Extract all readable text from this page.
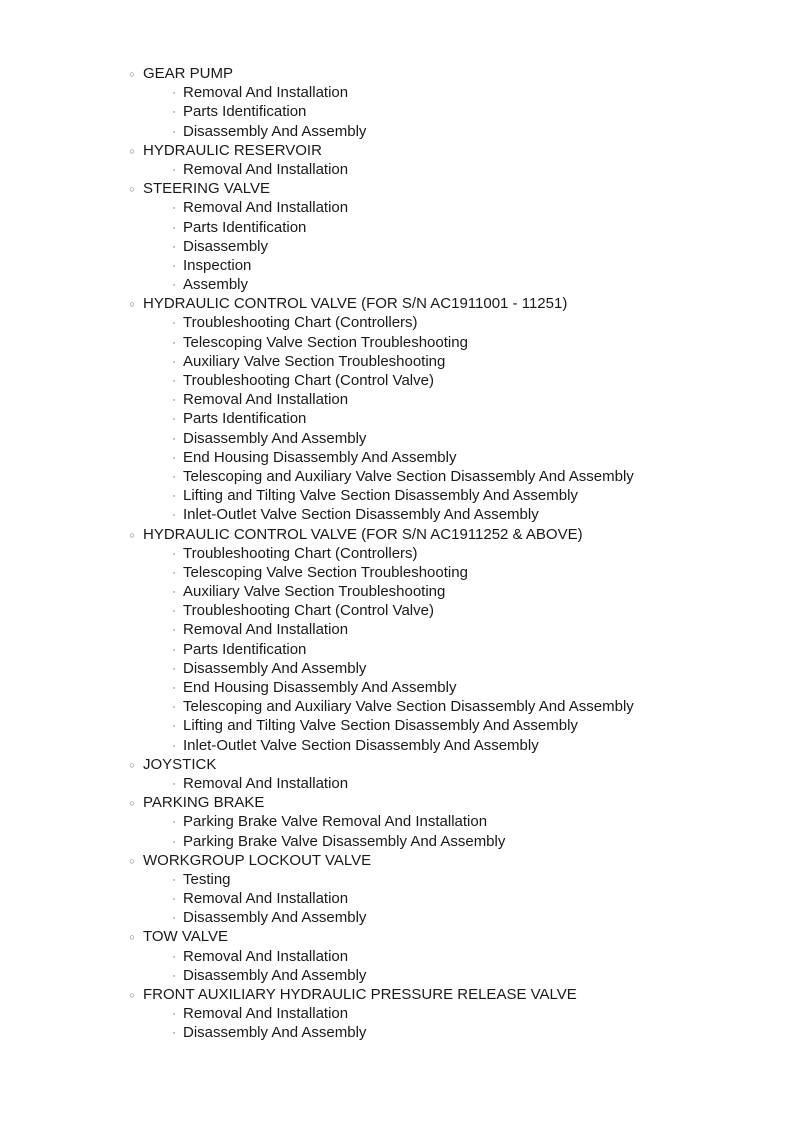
○ GEAR PUMP
▫ Removal And Installation
▫ Parts Identification
▫ Disassembly And Assembly
○ HYDRAULIC RESERVOIR
▫ Removal And Installation
○ STEERING VALVE
▫ Removal And Installation
▫ Parts Identification
▫ Disassembly
▫ Inspection
▫ Assembly
○ HYDRAULIC CONTROL VALVE (FOR S/N AC1911001 - 11251)
▫ Troubleshooting Chart (Controllers)
▫ Telescoping Valve Section Troubleshooting
▫ Auxiliary Valve Section Troubleshooting
▫ Troubleshooting Chart (Control Valve)
▫ Removal And Installation
▫ Parts Identification
▫ Disassembly And Assembly
▫ End Housing Disassembly And Assembly
▫ Telescoping and Auxiliary Valve Section Disassembly And Assembly
▫ Lifting and Tilting Valve Section Disassembly And Assembly
▫ Inlet-Outlet Valve Section Disassembly And Assembly
○ HYDRAULIC CONTROL VALVE (FOR S/N AC1911252 & ABOVE)
▫ Troubleshooting Chart (Controllers)
▫ Telescoping Valve Section Troubleshooting
▫ Auxiliary Valve Section Troubleshooting
▫ Troubleshooting Chart (Control Valve)
▫ Removal And Installation
▫ Parts Identification
▫ Disassembly And Assembly
▫ End Housing Disassembly And Assembly
▫ Telescoping and Auxiliary Valve Section Disassembly And Assembly
▫ Lifting and Tilting Valve Section Disassembly And Assembly
▫ Inlet-Outlet Valve Section Disassembly And Assembly
○ JOYSTICK
▫ Removal And Installation
○ PARKING BRAKE
▫ Parking Brake Valve Removal And Installation
▫ Parking Brake Valve Disassembly And Assembly
○ WORKGROUP LOCKOUT VALVE
▫ Testing
▫ Removal And Installation
▫ Disassembly And Assembly
○ TOW VALVE
▫ Removal And Installation
▫ Disassembly And Assembly
○ FRONT AUXILIARY HYDRAULIC PRESSURE RELEASE VALVE
▫ Removal And Installation
▫ Disassembly And Assembly
